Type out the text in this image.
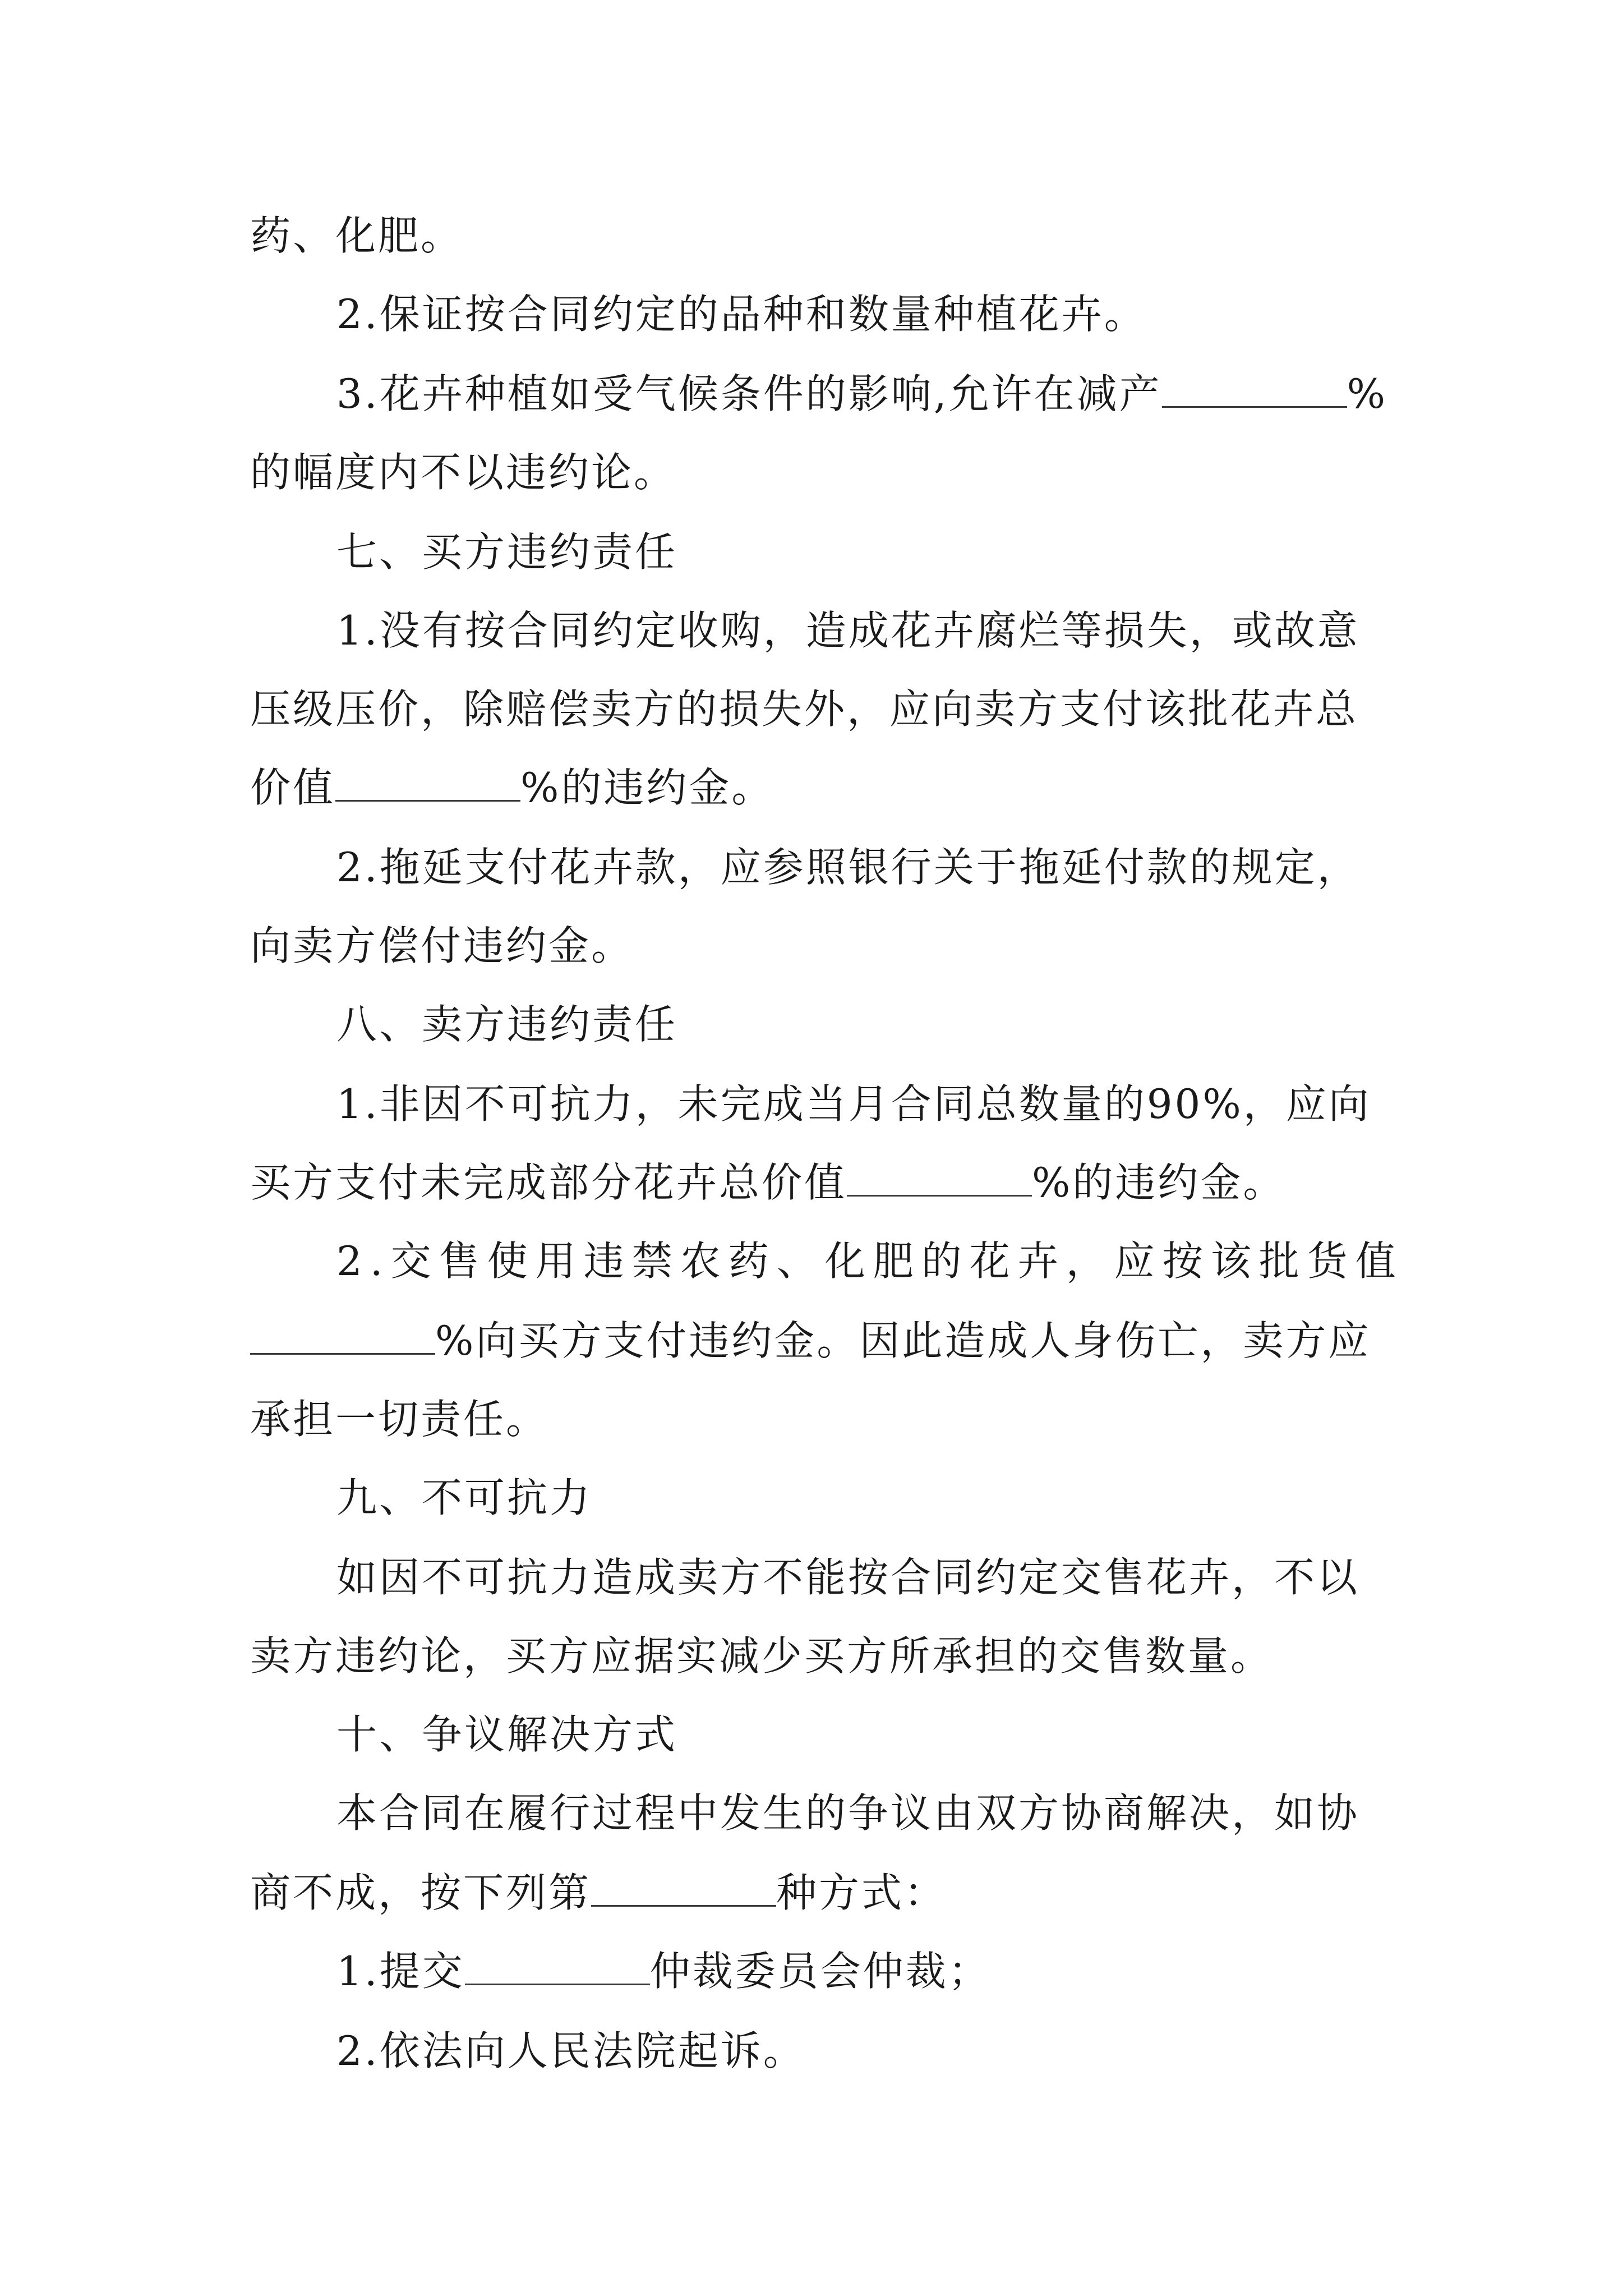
药、化肥。
2.保证按合同约定的品种和数量种植花卉。
3.花卉种植如受气候条件的影响,允许在减产	%
的幅度内不以违约论。
七、买方违约责任
1.没有按合同约定收购，造成花卉腐烂等损失，或故意
压级压价，除赔偿卖方的损失外，应向卖方支付该批花卉总
价值	%的违约金。
2.拖延支付花卉款，应参照银行关于拖延付款的规定，
向卖方偿付违约金。
八、卖方违约责任
1.非因不可抗力，未完成当月合同总数量的90%，应向
买方支付未完成部分花卉总价值	%的违约金。
2.交售使用违禁农药、化肥的花卉，应按该批货值
%向买方支付违约金。因此造成人身伤亡，卖方应
承担一切责任。
九、不可抗力
如因不可抗力造成卖方不能按合同约定交售花卉，不以
卖方违约论，买方应据实减少买方所承担的交售数量。
十、争议解决方式
本合同在履行过程中发生的争议由双方协商解决，如协
商不成，按下列第	种方式：
1.提交	仲裁委员会仲裁；
2.依法向人民法院起诉。
